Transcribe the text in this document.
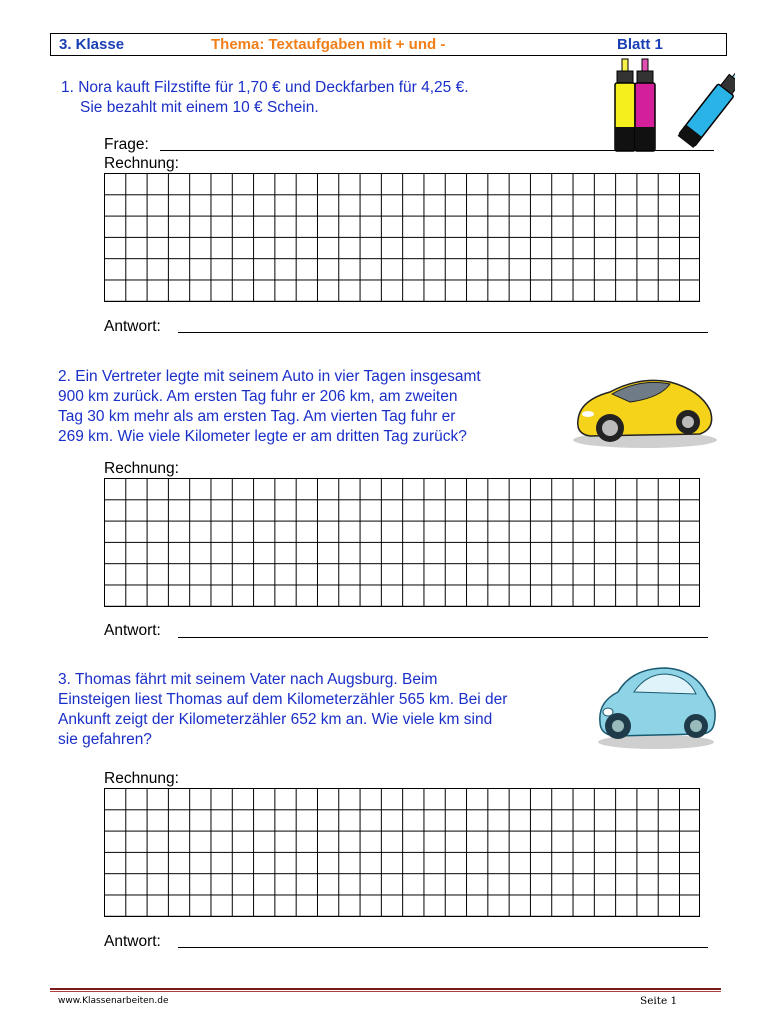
3. Klasse	Thema: Textaufgaben mit + und -	Blatt 1
1. Nora kauft Filzstifte für 1,70 € und Deckfarben für 4,25 €.
Sie bezahlt mit einem 10 € Schein.
Frage:
Rechnung:
Antwort:
2. Ein Vertreter legte mit seinem Auto in vier Tagen insgesamt
900 km zurück. Am ersten Tag fuhr er 206 km, am zweiten
Tag 30 km mehr als am ersten Tag. Am vierten Tag fuhr er
269 km. Wie viele Kilometer legte er am dritten Tag zurück?
Rechnung:
Antwort:
3. Thomas fährt mit seinem Vater nach Augsburg. Beim
Einsteigen liest Thomas auf dem Kilometerzähler 565 km. Bei der
Ankunft zeigt der Kilometerzähler 652 km an. Wie viele km sind
sie gefahren?
Rechnung:
Antwort:
www.Klassenarbeiten.de	Seite 1
